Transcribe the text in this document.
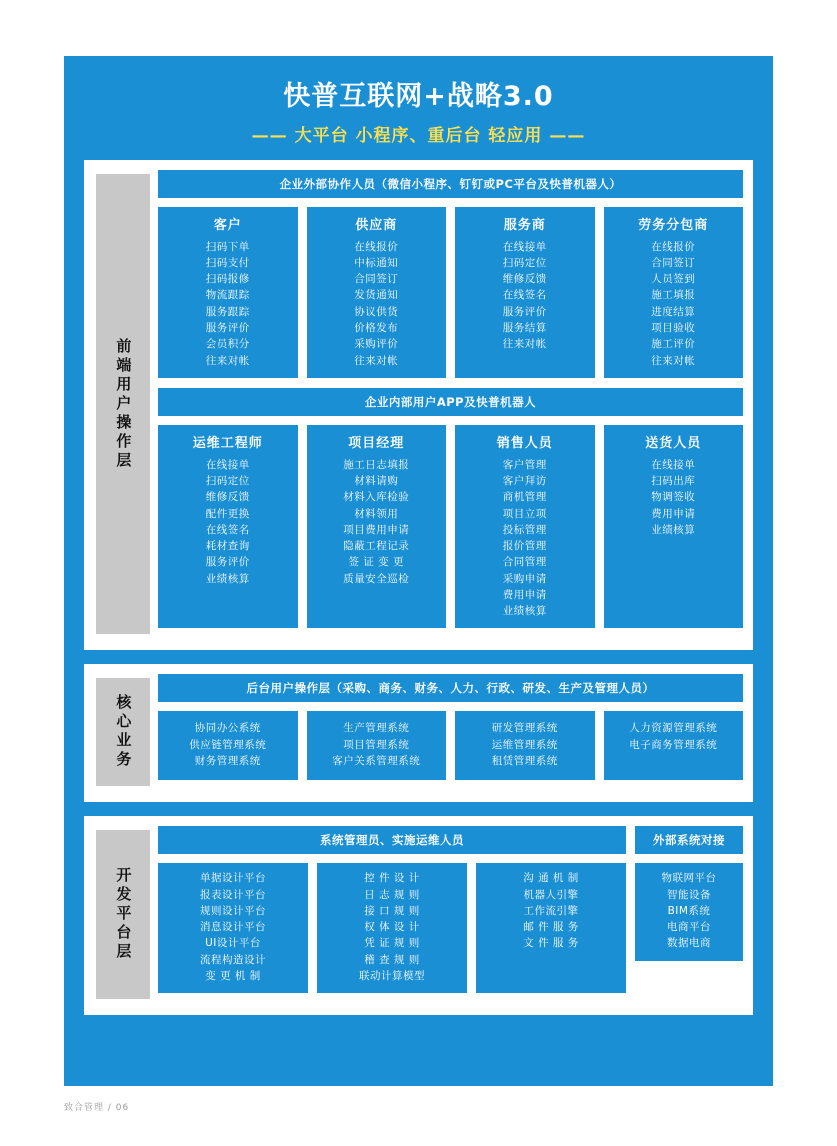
快普互联网+战略3.0
—— 大平台 小程序、重后台 轻应用 ——
前端用户操作层
企业外部协作人员（微信小程序、钉钉或PC平台及快普机器人）
客户
扫码下单
扫码支付
扫码报修
物流跟踪
服务跟踪
服务评价
会员积分
往来对帐
供应商
在线报价
中标通知
合同签订
发货通知
协议供货
价格发布
采购评价
往来对帐
服务商
在线接单
扫码定位
维修反馈
在线签名
服务评价
服务结算
往来对帐
劳务分包商
在线报价
合同签订
人员签到
施工填报
进度结算
项目验收
施工评价
往来对帐
企业内部用户APP及快普机器人
运维工程师
在线接单
扫码定位
维修反馈
配件更换
在线签名
耗材查询
服务评价
业绩核算
项目经理
施工日志填报
材料请购
材料入库检验
材料领用
项目费用申请
隐蔽工程记录
签 证 变 更
质量安全巡检
销售人员
客户管理
客户拜访
商机管理
项目立项
投标管理
报价管理
合同管理
采购申请
费用申请
业绩核算
送货人员
在线接单
扫码出库
物调签收
费用申请
业绩核算
核心业务
后台用户操作层（采购、商务、财务、人力、行政、研发、生产及管理人员）
协同办公系统
供应链管理系统
财务管理系统
生产管理系统
项目管理系统
客户关系管理系统
研发管理系统
运维管理系统
租赁管理系统
人力资源管理系统
电子商务管理系统
开发平台层
系统管理员、实施运维人员
单据设计平台
报表设计平台
规则设计平台
消息设计平台
UI设计平台
流程构造设计
变 更 机 制
控 件 设 计
日 志 规 则
接 口 规 则
权 体 设 计
凭 证 规 则
稽 查 规 则
联动计算模型
沟 通 机 制
机器人引擎
工作流引擎
邮 件 服 务
文 件 服 务
外部系统对接
物联网平台
智能设备
BIM系统
电商平台
数据电商
致合管理 / 06
